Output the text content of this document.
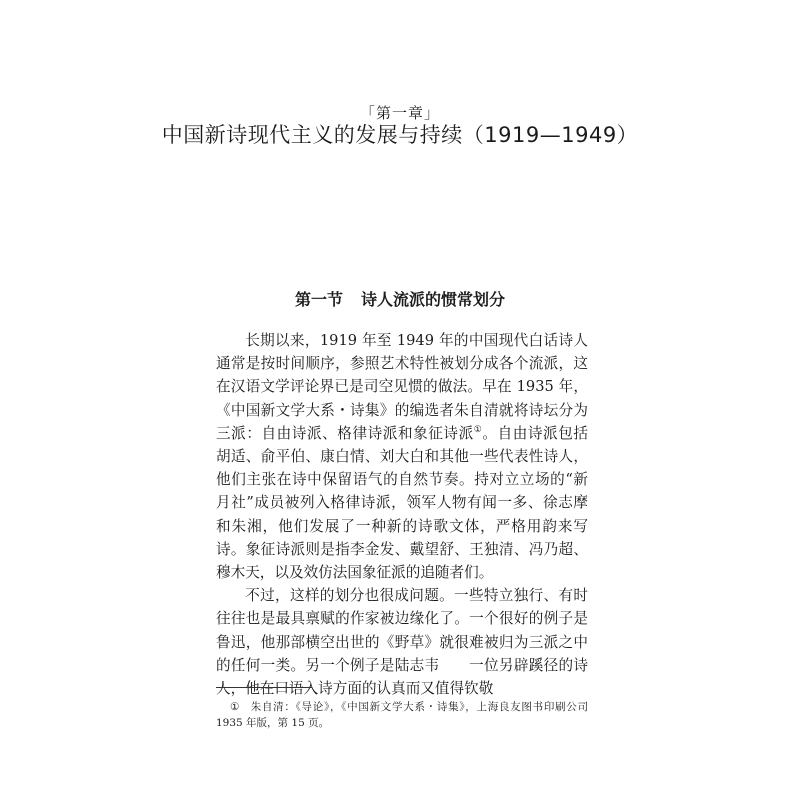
「第一章」
中国新诗现代主义的发展与持续（1919—1949）
第一节 诗人流派的惯常划分

长期以来，1919 年至 1949 年的中国现代白话诗人通常是按时间顺序，参照艺术特性被划分成各个流派，这在汉语文学评论界已是司空见惯的做法。早在 1935 年，《中国新文学大系・诗集》的编选者朱自清就将诗坛分为三派：自由诗派、格律诗派和象征诗派①。自由诗派包括胡适、俞平伯、康白情、刘大白和其他一些代表性诗人，他们主张在诗中保留语气的自然节奏。持对立立场的“新月社”成员被列入格律诗派，领军人物有闻一多、徐志摩和朱湘，他们发展了一种新的诗歌文体，严格用韵来写诗。象征诗派则是指李金发、戴望舒、王独清、冯乃超、穆木天，以及效仿法国象征派的追随者们。

不过，这样的划分也很成问题。一些特立独行、有时往往也是最具禀赋的作家被边缘化了。一个很好的例子是鲁迅，他那部横空出世的《野草》就很难被归为三派之中的任何一类。另一个例子是陆志韦　　一位另辟蹊径的诗人，他在口语入诗方面的认真而又值得钦敬

① 朱自清：《导论》，《中国新文学大系・诗集》，上海良友图书印刷公司 1935 年版，第 15 页。
